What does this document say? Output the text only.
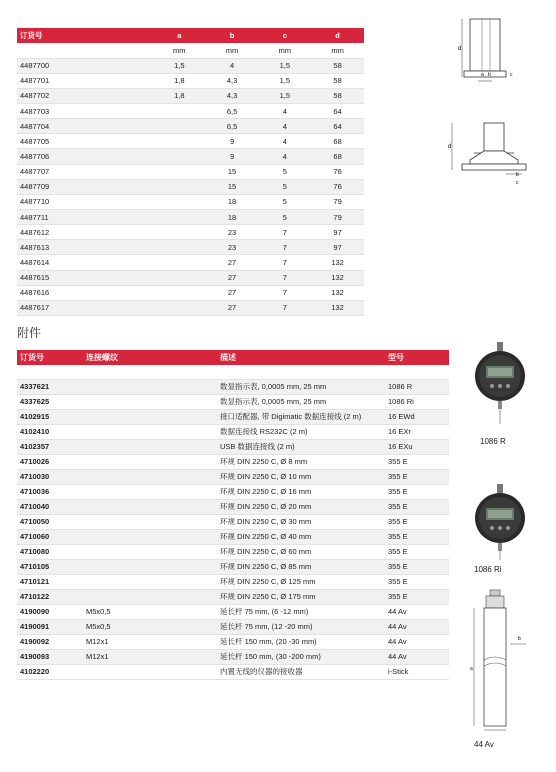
订货号	a	b	c	d
	mm	mm	mm	mm
4487700	1,5	4	1,5	58
4487701	1,8	4,3	1,5	58
4487702	1,8	4,3	1,5	58
4487703		6,5	4	64
4487704		6,5	4	64
4487705		9	4	68
4487706		9	4	68
4487707		15	5	76
4487709		15	5	76
4487710		18	5	79
4487711		18	5	79
4487612		23	7	97
4487613		23	7	97
4487614		27	7	132
4487615		27	7	132
4487616		27	7	132
4487617		27	7	132
附件
订货号	连接螺纹	描述	型号

4337621		数显指示表, 0,0005 mm, 25 mm	1086 R
4337625		数显指示表, 0,0005 mm, 25 mm	1086 Ri
4102915		接口适配器, 带 Digimatic 数据连接线 (2 m)	16 EWd
4102410		数据连接线 RS232C (2 m)	16 EXr
4102357		USB 数据连接线 (2 m)	16 EXu
4710026		环规 DIN 2250 C, Ø 8 mm	355 E
4710030		环规 DIN 2250 C, Ø 10 mm	355 E
4710036		环规 DIN 2250 C, Ø 16 mm	355 E
4710040		环规 DIN 2250 C, Ø 20 mm	355 E
4710050		环规 DIN 2250 C, Ø 30 mm	355 E
4710060		环规 DIN 2250 C, Ø 40 mm	355 E
4710080		环规 DIN 2250 C, Ø 60 mm	355 E
4710105		环规 DIN 2250 C, Ø 85 mm	355 E
4710121		环规 DIN 2250 C, Ø 125 mm	355 E
4710122		环规 DIN 2250 C, Ø 175 mm	355 E
4190090	M5x0,5	延长杆 75 mm, (6 -12 mm)	44 Av
4190091	M5x0,5	延长杆 75 mm, (12 -20 mm)	44 Av
4190092	M12x1	延长杆 150 mm, (20 -30 mm)	44 Av
4190093	M12x1	延长杆 150 mm, (30 -200 mm)	44 Av
4102220		内置无线的仪器的接收器	i-Stick
d
a b	c
d
b
c
1086 R
1086 Ri
a
b
44 Av
